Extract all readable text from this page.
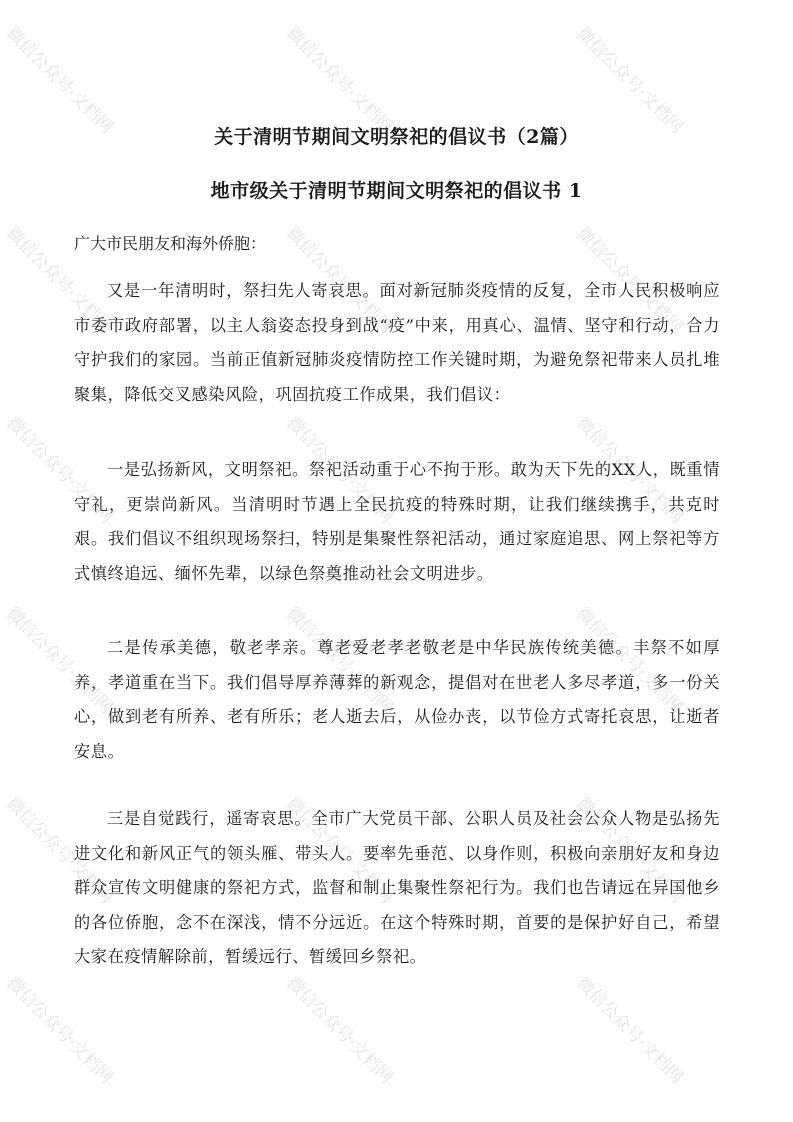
关于清明节期间文明祭祀的倡议书（2篇）
地市级关于清明节期间文明祭祀的倡议书 1

广大市民朋友和海外侨胞：

又是一年清明时，祭扫先人寄哀思。面对新冠肺炎疫情的反复，全市人民积极响应市委市政府部署，以主人翁姿态投身到战“疫”中来，用真心、温情、坚守和行动，合力守护我们的家园。当前正值新冠肺炎疫情防控工作关键时期，为避免祭祀带来人员扎堆聚集，降低交叉感染风险，巩固抗疫工作成果，我们倡议：

一是弘扬新风，文明祭祀。祭祀活动重于心不拘于形。敢为天下先的XX人，既重情守礼，更崇尚新风。当清明时节遇上全民抗疫的特殊时期，让我们继续携手，共克时艰。我们倡议不组织现场祭扫，特别是集聚性祭祀活动，通过家庭追思、网上祭祀等方式慎终追远、缅怀先辈，以绿色祭奠推动社会文明进步。

二是传承美德，敬老孝亲。尊老爱老孝老敬老是中华民族传统美德。丰祭不如厚养，孝道重在当下。我们倡导厚养薄葬的新观念，提倡对在世老人多尽孝道，多一份关心，做到老有所养、老有所乐；老人逝去后，从俭办丧，以节俭方式寄托哀思，让逝者安息。

三是自觉践行，遥寄哀思。全市广大党员干部、公职人员及社会公众人物是弘扬先进文化和新风正气的领头雁、带头人。要率先垂范、以身作则，积极向亲朋好友和身边群众宣传文明健康的祭祀方式，监督和制止集聚性祭祀行为。我们也告请远在异国他乡的各位侨胞，念不在深浅，情不分远近。在这个特殊时期，首要的是保护好自己，希望大家在疫情解除前，暂缓远行、暂缓回乡祭祀。

微信公众号·文档网	微信公众号·文档网	微信公众号·文档网
微信公众号·文档网	微信公众号·文档网	微信公众号·文档网
微信公众号·文档网	微信公众号·文档网	微信公众号·文档网
微信公众号·文档网	微信公众号·文档网	微信公众号·文档网
微信公众号·文档网	微信公众号·文档网	微信公众号·文档网
微信公众号·文档网	微信公众号·文档网	微信公众号·文档网
